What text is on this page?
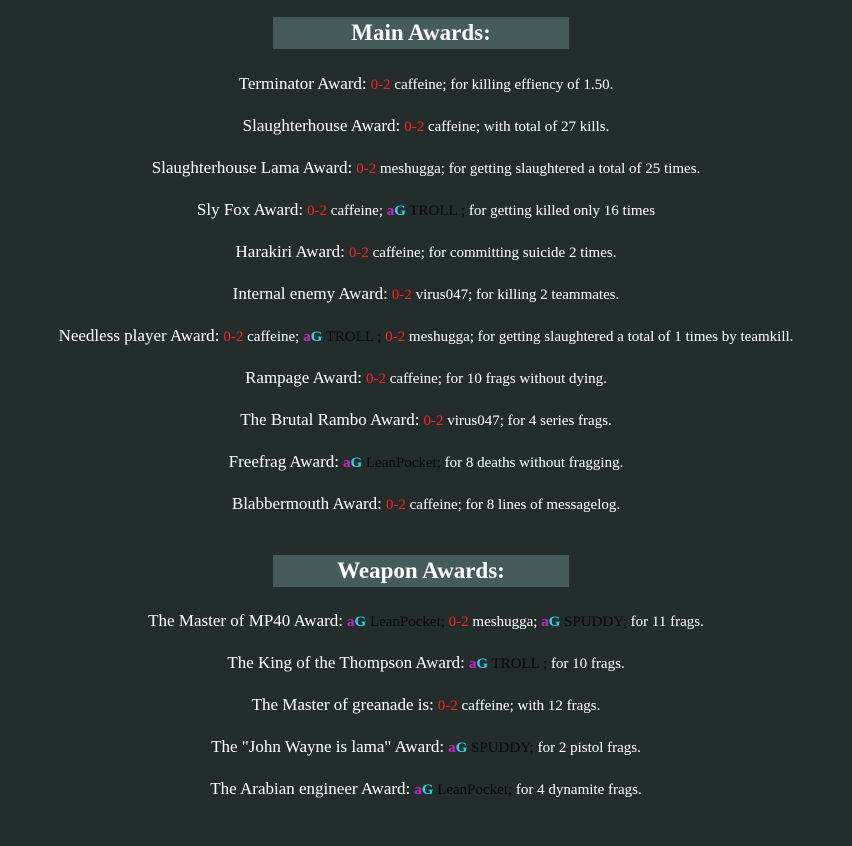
Main Awards:
Terminator Award: 0-2 caffeine; for killing effiency of 1.50.
Slaughterhouse Award: 0-2 caffeine; with total of 27 kills.
Slaughterhouse Lama Award: 0-2 meshugga; for getting slaughtered a total of 25 times.
Sly Fox Award: 0-2 caffeine; aG TROLL ; for getting killed only 16 times
Harakiri Award: 0-2 caffeine; for committing suicide 2 times.
Internal enemy Award: 0-2 virus047; for killing 2 teammates.
Needless player Award: 0-2 caffeine; aG TROLL ; 0-2 meshugga; for getting slaughtered a total of 1 times by teamkill.
Rampage Award: 0-2 caffeine; for 10 frags without dying.
The Brutal Rambo Award: 0-2 virus047; for 4 series frags.
Freefrag Award: aG LeanPocket; for 8 deaths without fragging.
Blabbermouth Award: 0-2 caffeine; for 8 lines of messagelog.
Weapon Awards:
The Master of MP40 Award: aG LeanPocket; 0-2 meshugga; aG SPUDDY; for 11 frags.
The King of the Thompson Award: aG TROLL ; for 10 frags.
The Master of greanade is: 0-2 caffeine; with 12 frags.
The "John Wayne is lama" Award: aG SPUDDY; for 2 pistol frags.
The Arabian engineer Award: aG LeanPocket; for 4 dynamite frags.
